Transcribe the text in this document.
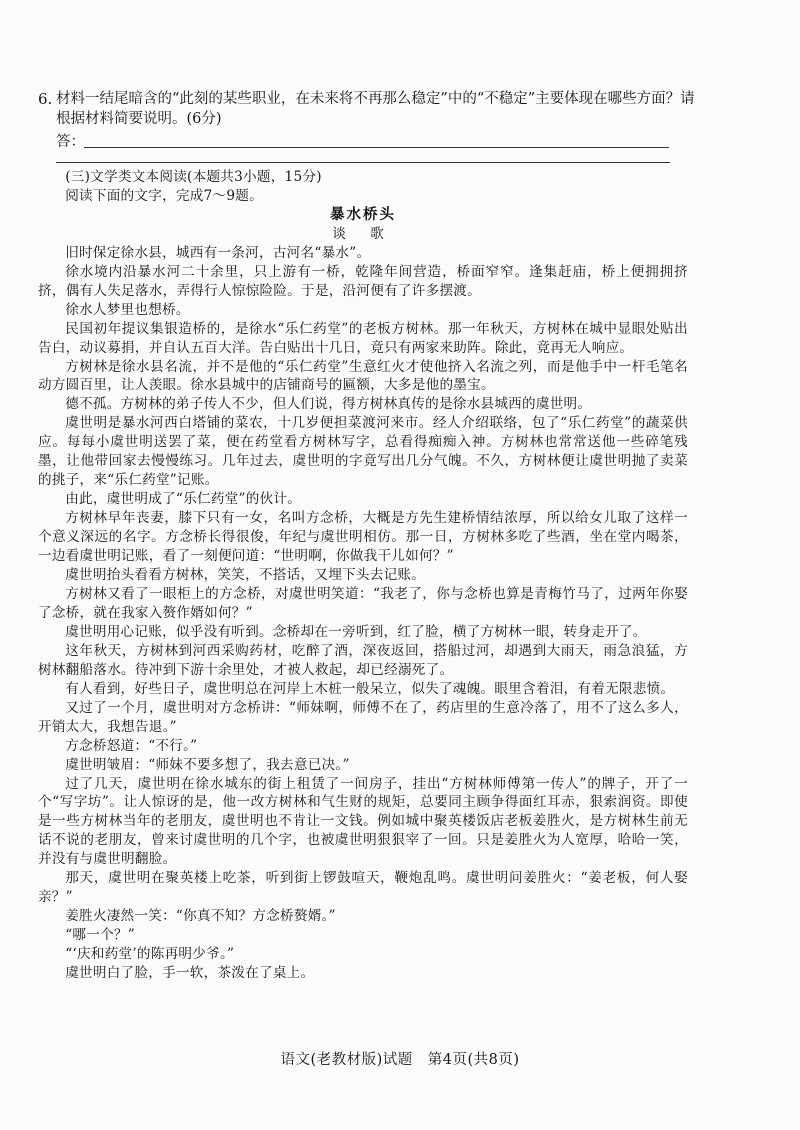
6. 材料一结尾暗含的“此刻的某些职业，在未来将不再那么稳定”中的“不稳定”主要体现在哪些方面？请根据材料简要说明。(6分)
答：

(三)文学类文本阅读(本题共3小题，15分)

阅读下面的文字，完成7～9题。

暴水桥头

谈 歌

旧时保定徐水县，城西有一条河，古河名“暴水”。

徐水境内沿暴水河二十余里，只上游有一桥，乾隆年间营造，桥面窄窄。逢集赶庙，桥上便拥拥挤挤，偶有人失足落水，弄得行人惊惊险险。于是，沿河便有了许多摆渡。

徐水人梦里也想桥。

民国初年提议集银造桥的，是徐水“乐仁药堂”的老板方树林。那一年秋天，方树林在城中显眼处贴出告白，动议募捐，并自认五百大洋。告白贴出十几日，竟只有两家来助阵。除此，竟再无人响应。

方树林是徐水县名流，并不是他的“乐仁药堂”生意红火才使他挤入名流之列，而是他手中一杆毛笔名动方圆百里，让人羡眼。徐水县城中的店铺商号的匾额，大多是他的墨宝。

德不孤。方树林的弟子传人不少，但人们说，得方树林真传的是徐水县城西的虞世明。

虞世明是暴水河西白塔铺的菜农，十几岁便担菜渡河来市。经人介绍联络，包了“乐仁药堂”的蔬菜供应。每每小虞世明送罢了菜，便在药堂看方树林写字，总看得痴痴入神。方树林也常常送他一些碎笔残墨，让他带回家去慢慢练习。几年过去，虞世明的字竟写出几分气魄。不久，方树林便让虞世明抛了卖菜的挑子，来“乐仁药堂”记账。

由此，虞世明成了“乐仁药堂”的伙计。

方树林早年丧妻，膝下只有一女，名叫方念桥，大概是方先生建桥情结浓厚，所以给女儿取了这样一个意义深远的名字。方念桥长得很俊，年纪与虞世明相仿。那一日，方树林多吃了些酒，坐在堂内喝茶，一边看虞世明记账，看了一刻便问道：“世明啊，你做我干儿如何？”

虞世明抬头看看方树林，笑笑，不搭话，又埋下头去记账。

方树林又看了一眼柜上的方念桥，对虞世明笑道：“我老了，你与念桥也算是青梅竹马了，过两年你娶了念桥，就在我家入赘作婿如何？”

虞世明用心记账，似乎没有听到。念桥却在一旁听到，红了脸，横了方树林一眼，转身走开了。

这年秋天，方树林到河西采购药材，吃醉了酒，深夜返回，搭船过河，却遇到大雨天，雨急浪猛，方树林翻船落水。待冲到下游十余里处，才被人救起，却已经溺死了。

有人看到，好些日子，虞世明总在河岸上木桩一般呆立，似失了魂魄。眼里含着泪，有着无限悲愤。

又过了一个月，虞世明对方念桥讲：“师妹啊，师傅不在了，药店里的生意冷落了，用不了这么多人，开销太大，我想告退。”

方念桥怒道：“不行。”

虞世明皱眉：“师妹不要多想了，我去意已决。”

过了几天，虞世明在徐水城东的街上租赁了一间房子，挂出“方树林师傅第一传人”的牌子，开了一个“写字坊”。让人惊讶的是，他一改方树林和气生财的规矩，总要同主顾争得面红耳赤，狠索润资。即使是一些方树林当年的老朋友，虞世明也不肯让一文钱。例如城中聚英楼饭店老板姜胜火，是方树林生前无话不说的老朋友，曾来讨虞世明的几个字，也被虞世明狠狠宰了一回。只是姜胜火为人宽厚，哈哈一笑，并没有与虞世明翻脸。

那天，虞世明在聚英楼上吃茶，听到街上锣鼓喧天，鞭炮乱鸣。虞世明问姜胜火：“姜老板，何人娶亲？”

姜胜火凄然一笑：“你真不知？方念桥赘婿。”

“哪一个？”

“‘庆和药堂’的陈再明少爷。”

虞世明白了脸，手一软，茶泼在了桌上。

语文(老教材版)试题　第4页(共8页)
